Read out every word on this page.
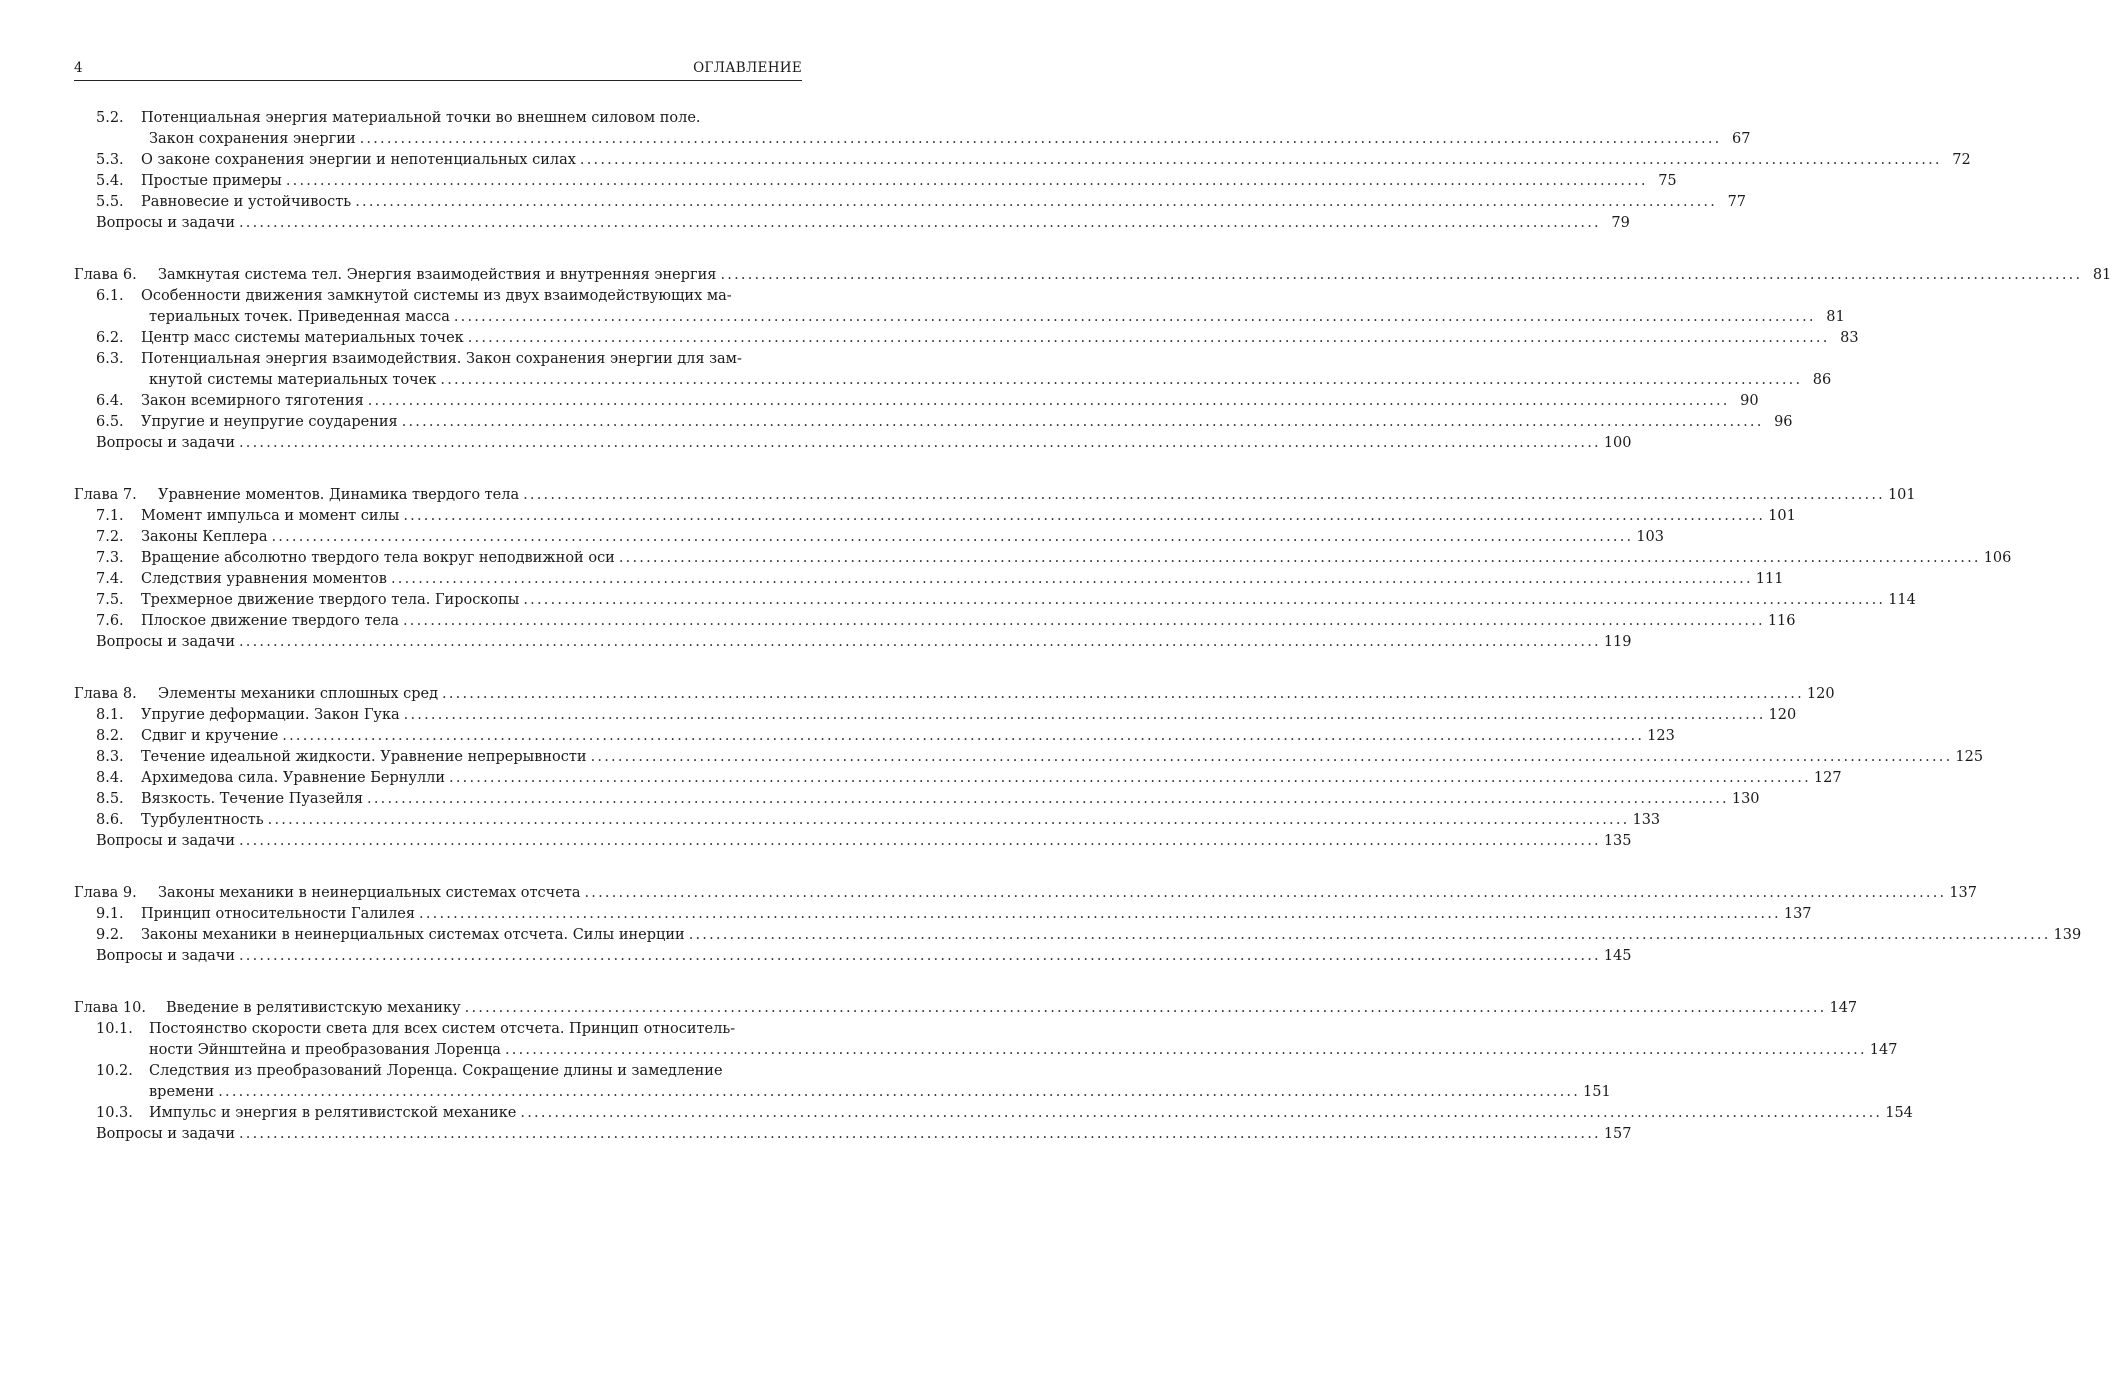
4	ОГЛАВЛЕНИЕ
5.2. Потенциальная энергия материальной точки во внешнем силовом поле.
Закон сохранения энергии ........................................................................................................................................................................................................ 67
5.3. О законе сохранения энергии и непотенциальных силах ........................................................................................................................................................................................................ 72
5.4. Простые примеры ........................................................................................................................................................................................................ 75
5.5. Равновесие и устойчивость ........................................................................................................................................................................................................ 77
Вопросы и задачи ........................................................................................................................................................................................................ 79
Глава 6. Замкнутая система тел. Энергия взаимодействия и внутренняя энергия ........................................................................................................................................................................................................ 81
6.1. Особенности движения замкнутой системы из двух взаимодействующих ма-
териальных точек. Приведенная масса ........................................................................................................................................................................................................ 81
6.2. Центр масс системы материальных точек ........................................................................................................................................................................................................ 83
6.3. Потенциальная энергия взаимодействия. Закон сохранения энергии для зам-
кнутой системы материальных точек ........................................................................................................................................................................................................ 86
6.4. Закон всемирного тяготения ........................................................................................................................................................................................................ 90
6.5. Упругие и неупругие соударения ........................................................................................................................................................................................................ 96
Вопросы и задачи ........................................................................................................................................................................................................ 100
Глава 7. Уравнение моментов. Динамика твердого тела ........................................................................................................................................................................................................ 101
7.1. Момент импульса и момент силы ........................................................................................................................................................................................................ 101
7.2. Законы Кеплера ........................................................................................................................................................................................................ 103
7.3. Вращение абсолютно твердого тела вокруг неподвижной оси ........................................................................................................................................................................................................ 106
7.4. Следствия уравнения моментов ........................................................................................................................................................................................................ 111
7.5. Трехмерное движение твердого тела. Гироскопы ........................................................................................................................................................................................................ 114
7.6. Плоское движение твердого тела ........................................................................................................................................................................................................ 116
Вопросы и задачи ........................................................................................................................................................................................................ 119
Глава 8. Элементы механики сплошных сред ........................................................................................................................................................................................................ 120
8.1. Упругие деформации. Закон Гука ........................................................................................................................................................................................................ 120
8.2. Сдвиг и кручение ........................................................................................................................................................................................................ 123
8.3. Течение идеальной жидкости. Уравнение непрерывности ........................................................................................................................................................................................................ 125
8.4. Архимедова сила. Уравнение Бернулли ........................................................................................................................................................................................................ 127
8.5. Вязкость. Течение Пуазейля ........................................................................................................................................................................................................ 130
8.6. Турбулентность ........................................................................................................................................................................................................ 133
Вопросы и задачи ........................................................................................................................................................................................................ 135
Глава 9. Законы механики в неинерциальных системах отсчета ........................................................................................................................................................................................................ 137
9.1. Принцип относительности Галилея ........................................................................................................................................................................................................ 137
9.2. Законы механики в неинерциальных системах отсчета. Силы инерции ........................................................................................................................................................................................................ 139
Вопросы и задачи ........................................................................................................................................................................................................ 145
Глава 10. Введение в релятивистскую механику ........................................................................................................................................................................................................ 147
10.1. Постоянство скорости света для всех систем отсчета. Принцип относитель-
ности Эйнштейна и преобразования Лоренца ........................................................................................................................................................................................................ 147
10.2. Следствия из преобразований Лоренца. Сокращение длины и замедление
времени ........................................................................................................................................................................................................ 151
10.3. Импульс и энергия в релятивистской механике ........................................................................................................................................................................................................ 154
Вопросы и задачи ........................................................................................................................................................................................................ 157
